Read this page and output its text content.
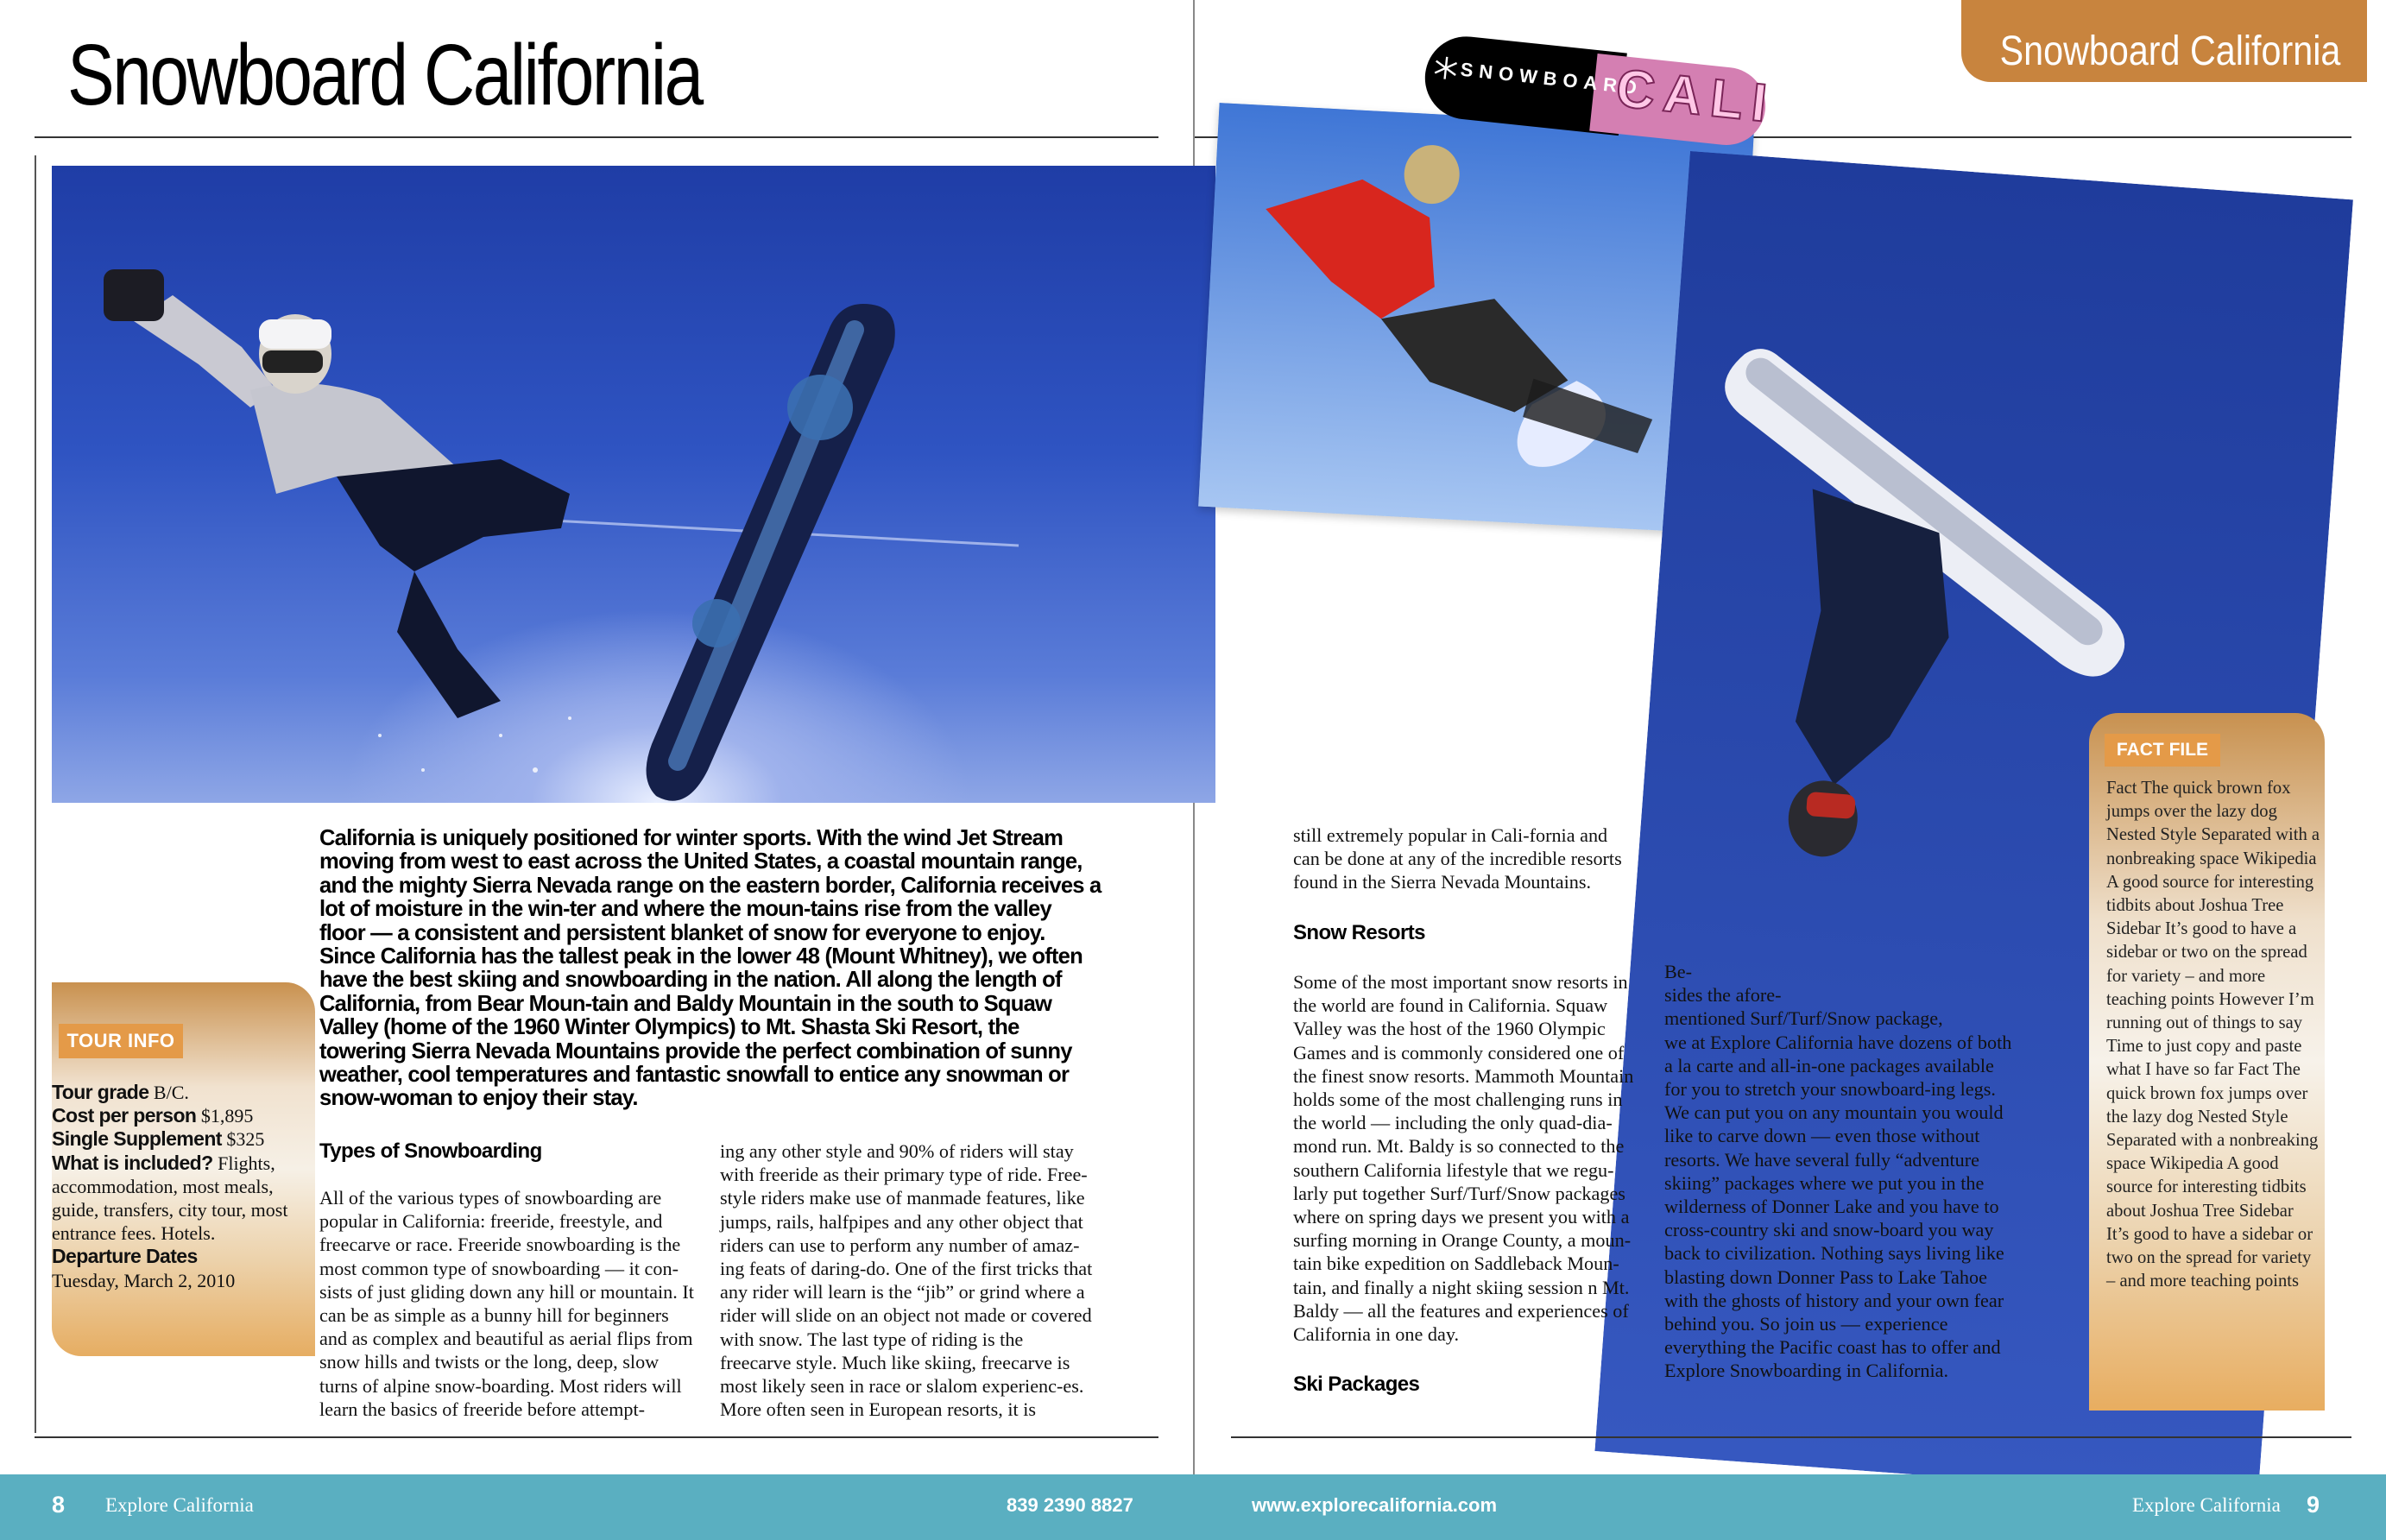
Snowboard California	Snowboard California
TOUR INFO
Tour grade B/C.
Cost per person $1,895
Single Supplement $325
What is included? Flights, accommodation, most meals, guide, transfers, city tour, most entrance fees. Hotels.
Departure Dates
Tuesday, March 2, 2010
California is uniquely positioned for winter sports. With the wind Jet Stream moving from west to east across the United States, a coastal mountain range, and the mighty Sierra Nevada range on the eastern border, California receives a lot of moisture in the win-ter and where the moun-tains rise from the valley floor — a consistent and persistent blanket of snow for everyone to enjoy. Since California has the tallest peak in the lower 48 (Mount Whitney), we often have the best skiing and snowboarding in the nation. All along the length of California, from Bear Moun-tain and Baldy Mountain in the south to Squaw Valley (home of the 1960 Winter Olympics) to Mt. Shasta Ski Resort, the towering Sierra Nevada Mountains provide the perfect combination of sunny weather, cool temperatures and fantastic snowfall to entice any snowman or snow-woman to enjoy their stay.
Types of Snowboarding
All of the various types of snowboarding are popular in California: freeride, freestyle, and freecarve or race. Freeride snowboarding is the most common type of snowboarding — it con-sists of just gliding down any hill or mountain. It can be as simple as a bunny hill for beginners and as complex and beautiful as aerial flips from snow hills and twists or the long, deep, slow turns of alpine snow-boarding. Most riders will learn the basics of freeride before attempt-
ing any other style and 90% of riders will stay with freeride as their primary type of ride. Free-style riders make use of manmade features, like jumps, rails, halfpipes and any other object that riders can use to perform any number of amaz-ing feats of daring-do. One of the first tricks that any rider will learn is the “jib” or grind where a rider will slide on an object not made or covered with snow. The last type of riding is the freecarve style. Much like skiing, freecarve is most likely seen in race or slalom experienc-es. More often seen in European resorts, it is
SNOWBOARD
CALI
still extremely popular in Cali-fornia and can be done at any of the incredible resorts found in the Sierra Nevada Mountains.
Snow Resorts
Some of the most important snow resorts in the world are found in California. Squaw Valley was the host of the 1960 Olympic Games and is commonly considered one of the finest snow resorts. Mammoth Mountain holds some of the most challenging runs in the world — including the only quad-dia-mond run. Mt. Baldy is so connected to the southern California lifestyle that we regu-larly put together Surf/Turf/Snow packages where on spring days we present you with a surfing morning in Orange County, a moun-tain bike expedition on Saddleback Moun-tain, and finally a night skiing session n Mt. Baldy — all the features and experiences of California in one day.
Ski Packages
Be-
sides the afore-
mentioned Surf/Turf/Snow package,
we at Explore California have dozens of both a la carte and all-in-one packages available for you to stretch your snowboard-ing legs. We can put you on any mountain you would like to carve down — even those without resorts. We have several fully “adventure skiing” packages where we put you in the wilderness of Donner Lake and you have to cross-country ski and snow-board you way back to civilization. Nothing says living like blasting down Donner Pass to Lake Tahoe with the ghosts of history and your own fear behind you. So join us — experience everything the Pacific coast has to offer and Explore Snowboarding in California.
FACT FILE
Fact The quick brown fox jumps over the lazy dog Nested Style Separated with a nonbreaking space Wikipedia A good source for interesting tidbits about Joshua Tree Sidebar It’s good to have a sidebar or two on the spread for variety – and more teaching points However I’m running out of things to say Time to just copy and paste what I have so far Fact The quick brown fox jumps over the lazy dog Nested Style Separated with a nonbreaking space Wikipedia A good source for interesting tidbits about Joshua Tree Sidebar It’s good to have a sidebar or two on the spread for variety – and more teaching points
8 Explore California	839 2390 8827	www.explorecalifornia.com	Explore California 9
